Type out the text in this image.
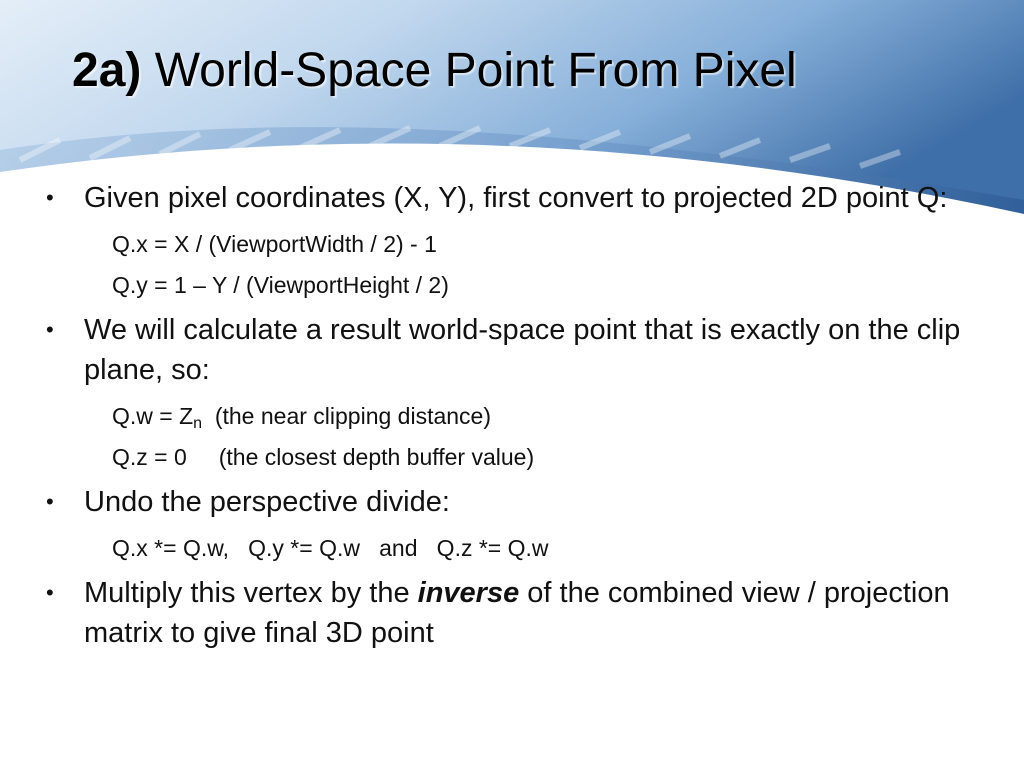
2a) World-Space Point From Pixel
• Given pixel coordinates (X, Y), first convert to projected 2D point Q:
Q.x = X / (ViewportWidth / 2) - 1
Q.y = 1 – Y / (ViewportHeight / 2)
• We will calculate a result world-space point that is exactly on the clip plane, so:
$Q.w = Z_n$  (the near clipping distance)
Q.z = 0     (the closest depth buffer value)
• Undo the perspective divide:
Q.x *= Q.w,   Q.y *= Q.w   and   Q.z *= Q.w
• Multiply this vertex by the inverse of the combined view / projection matrix to give final 3D point
